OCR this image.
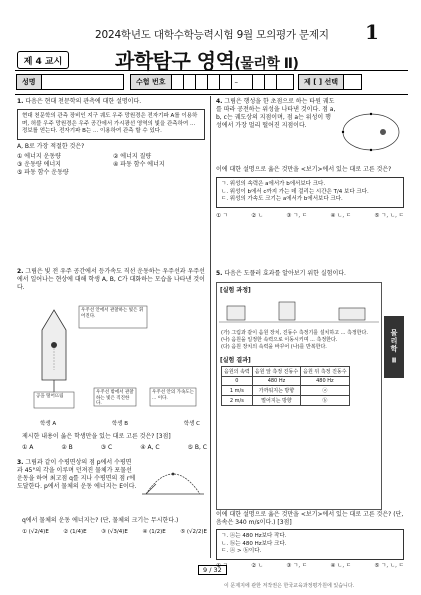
2024학년도 대학수학능력시험 9월 모의평가 문제지 1
제 4 교시	과학탐구 영역(물리학 Ⅱ)
성명	수험 번호	–	제 [ ] 선택
1. 다음은 현대 천문학의 관측에 대한 설명이다.
현대 천문학의 관측 장비인 지구 궤도 우주 망원경은 전자기파 A를 이용하며, 허블 우주 망원경은 우주 공간에서 가시광선 영역의 빛을 관측하여 ... 정보를 얻는다. 전자기파 B는 ... 이용하여 관측 할 수 있다.
A, B로 가장 적절한 것은?
① 에너지 운동량	② 에너지 질량
③ 운동량 에너지	④ 파동 함수 에너지
⑤ 파동 함수 운동량
2. 그림은 빛 전 우주 공간에서 등가속도 직선 운동하는 우주선과 우주선에서 일어나는 현상에 대해 학생 A, B, C가 대화하는 모습을 나타낸 것이다.
우주선 안에서 관찰하는 빛은 휘어진다.
공을 떨어뜨림
우주선 밖에서 관찰하는 빛은 직진한다.
우주선 안의 가속도는 ... 이다.
학생 A	학생 B	학생 C
제시한 내용이 옳은 학생만을 있는 대로 고른 것은? [3점]
① A	② B	③ C	④ A, C	⑤ B, C
3. 그림과 같이 수평면상의 점 p에서 수평면과 45°의 각을 이루며 던져진 물체가 포물선 운동을 하여 최고점 q를 지나 수평면의 점 r에 도달한다. p에서 물체의 운동 에너지는 E이다.
q에서 물체의 운동 에너지는? (단, 물체의 크기는 무시한다.)
① (√2/4)E	② (1/4)E	③ (√3/4)E	④ (1/2)E	⑤ (√2/2)E
4. 그림은 행성을 한 초점으로 하는 타원 궤도를 따라 공전하는 위성을 나타낸 것이다. 점 a, b, c는 궤도상의 지점이며, 점 a는 위성이 행성에서 가장 멀리 떨어진 지점이다.
이에 대한 설명으로 옳은 것만을 <보기>에서 있는 대로 고른 것은?
ㄱ. 위성의 속력은 a에서가 b에서보다 크다.
ㄴ. 위성이 b에서 c까지 가는 데 걸리는 시간은 T/4 보다 크다.
ㄷ. 위성의 가속도 크기는 a에서가 b에서보다 크다.
① ㄱ	② ㄴ	③ ㄱ, ㄷ	④ ㄴ, ㄷ	⑤ ㄱ, ㄴ, ㄷ
5. 다음은 도플러 효과를 알아보기 위한 실험이다.
[실험 과정]
(가) 그림과 같이 음원 장치, 진동수 측정기를 설치하고 ... 측정한다.
(나) 음원을 일정한 속력으로 이동시키며 ... 측정한다.
(다) 음원 장치의 속력을 바꾸어 (나)를 반복한다.
[실험 결과]
음원의 속력	음원 앞 측정 진동수	음원 뒤 측정 진동수
0	480 Hz	480 Hz
1 m/s	가까워지는 방향	ⓐ
2 m/s	멀어지는 방향	ⓑ
이에 대한 설명으로 옳은 것만을 <보기>에서 있는 대로 고른 것은? (단, 음속은 340 m/s이다.) [3점]
ㄱ. ⓐ는 480 Hz보다 작다.
ㄴ. ⓑ는 480 Hz보다 크다.
ㄷ. ⓐ > ⓑ이다.
① ㄱ	② ㄴ	③ ㄱ, ㄷ	④ ㄴ, ㄷ	⑤ ㄱ, ㄴ, ㄷ
물리학 Ⅱ
9 / 32
이 문제지에 관한 저작권은 한국교육과정평가원에 있습니다.
